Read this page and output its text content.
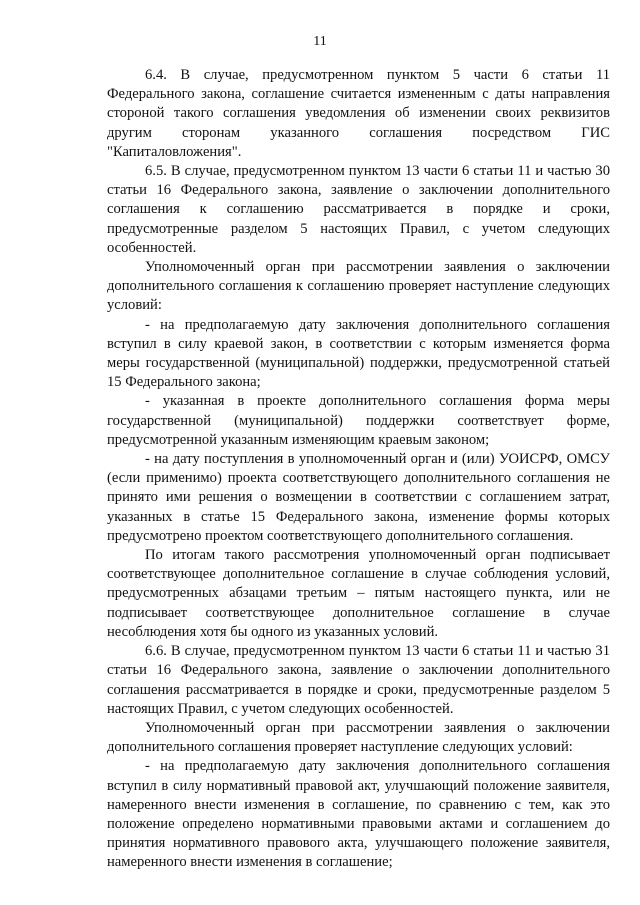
11

6.4. В случае, предусмотренном пунктом 5 части 6 статьи 11 Федерального закона, соглашение считается измененным с даты направления стороной такого соглашения уведомления об изменении своих реквизитов другим сторонам указанного соглашения посредством ГИС "Капиталовложения".

6.5. В случае, предусмотренном пунктом 13 части 6 статьи 11 и частью 30 статьи 16 Федерального закона, заявление о заключении дополнительного соглашения к соглашению рассматривается в порядке и сроки, предусмотренные разделом 5 настоящих Правил, с учетом следующих особенностей.

Уполномоченный орган при рассмотрении заявления о заключении дополнительного соглашения к соглашению проверяет наступление следующих условий:

- на предполагаемую дату заключения дополнительного соглашения вступил в силу краевой закон, в соответствии с которым изменяется форма меры государственной (муниципальной) поддержки, предусмотренной статьей 15 Федерального закона;

- указанная в проекте дополнительного соглашения форма меры государственной (муниципальной) поддержки соответствует форме, предусмотренной указанным изменяющим краевым законом;

- на дату поступления в уполномоченный орган и (или) УОИСРФ, ОМСУ (если применимо) проекта соответствующего дополнительного соглашения не принято ими решения о возмещении в соответствии с соглашением затрат, указанных в статье 15 Федерального закона, изменение формы которых предусмотрено проектом соответствующего дополнительного соглашения.

По итогам такого рассмотрения уполномоченный орган подписывает соответствующее дополнительное соглашение в случае соблюдения условий, предусмотренных абзацами третьим – пятым настоящего пункта, или не подписывает соответствующее дополнительное соглашение в случае несоблюдения хотя бы одного из указанных условий.

6.6. В случае, предусмотренном пунктом 13 части 6 статьи 11 и частью 31 статьи 16 Федерального закона, заявление о заключении дополнительного соглашения рассматривается в порядке и сроки, предусмотренные разделом 5 настоящих Правил, с учетом следующих особенностей.

Уполномоченный орган при рассмотрении заявления о заключении дополнительного соглашения проверяет наступление следующих условий:

- на предполагаемую дату заключения дополнительного соглашения вступил в силу нормативный правовой акт, улучшающий положение заявителя, намеренного внести изменения в соглашение, по сравнению с тем, как это положение определено нормативными правовыми актами и соглашением до принятия нормативного правового акта, улучшающего положение заявителя, намеренного внести изменения в соглашение;
